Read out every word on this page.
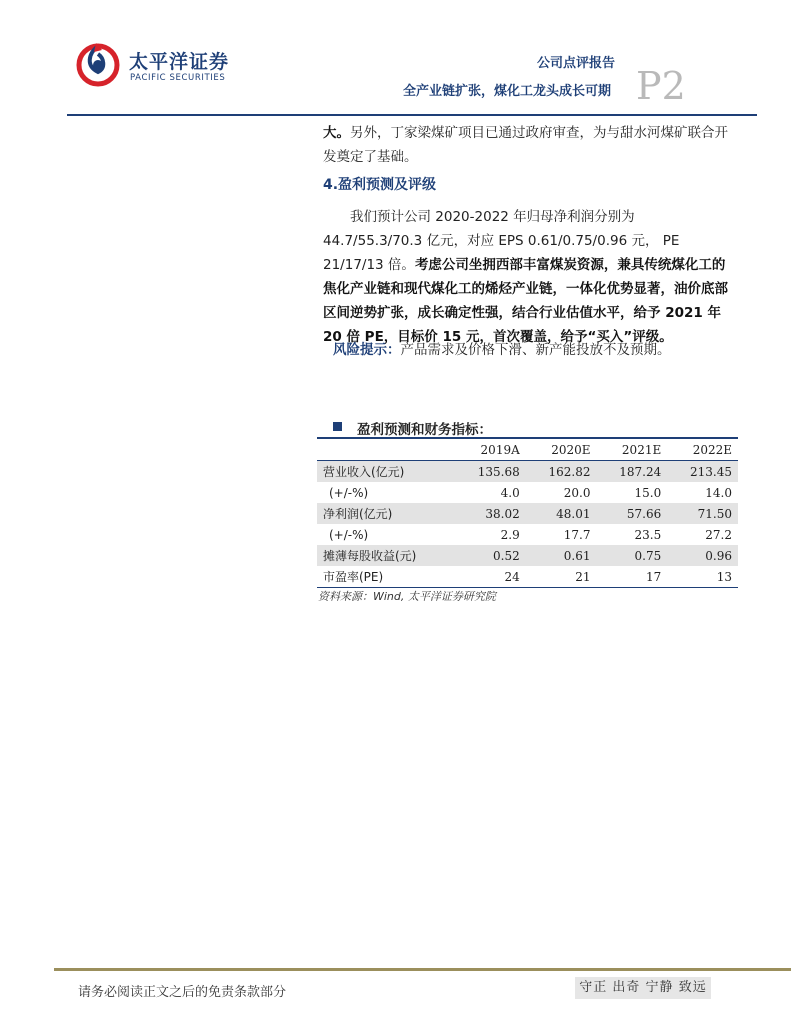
太平洋证券
PACIFIC SECURITIES
公司点评报告
全产业链扩张，煤化工龙头成长可期 P2
大。另外，丁家梁煤矿项目已通过政府审查，为与甜水河煤矿联合开发奠定了基础。
4.盈利预测及评级
我们预计公司 2020-2022 年归母净利润分别为 44.7/55.3/70.3 亿元，对应 EPS 0.61/0.75/0.96 元， PE 21/17/13 倍。考虑公司坐拥西部丰富煤炭资源，兼具传统煤化工的焦化产业链和现代煤化工的烯烃产业链，一体化优势显著，油价底部区间逆势扩张，成长确定性强，结合行业估值水平，给予 2021 年 20 倍 PE，目标价 15 元，首次覆盖，给予“买入”评级。
风险提示：产品需求及价格下滑、新产能投放不及预期。
盈利预测和财务指标：
	2019A	2020E	2021E	2022E
营业收入(亿元)	135.68	162.82	187.24	213.45
(+/-%)	4.0	20.0	15.0	14.0
净利润(亿元)	38.02	48.01	57.66	71.50
(+/-%)	2.9	17.7	23.5	27.2
摊薄每股收益(元)	0.52	0.61	0.75	0.96
市盈率(PE)	24	21	17	13
资料来源：Wind, 太平洋证券研究院
请务必阅读正文之后的免责条款部分	守正 出奇 宁静 致远
